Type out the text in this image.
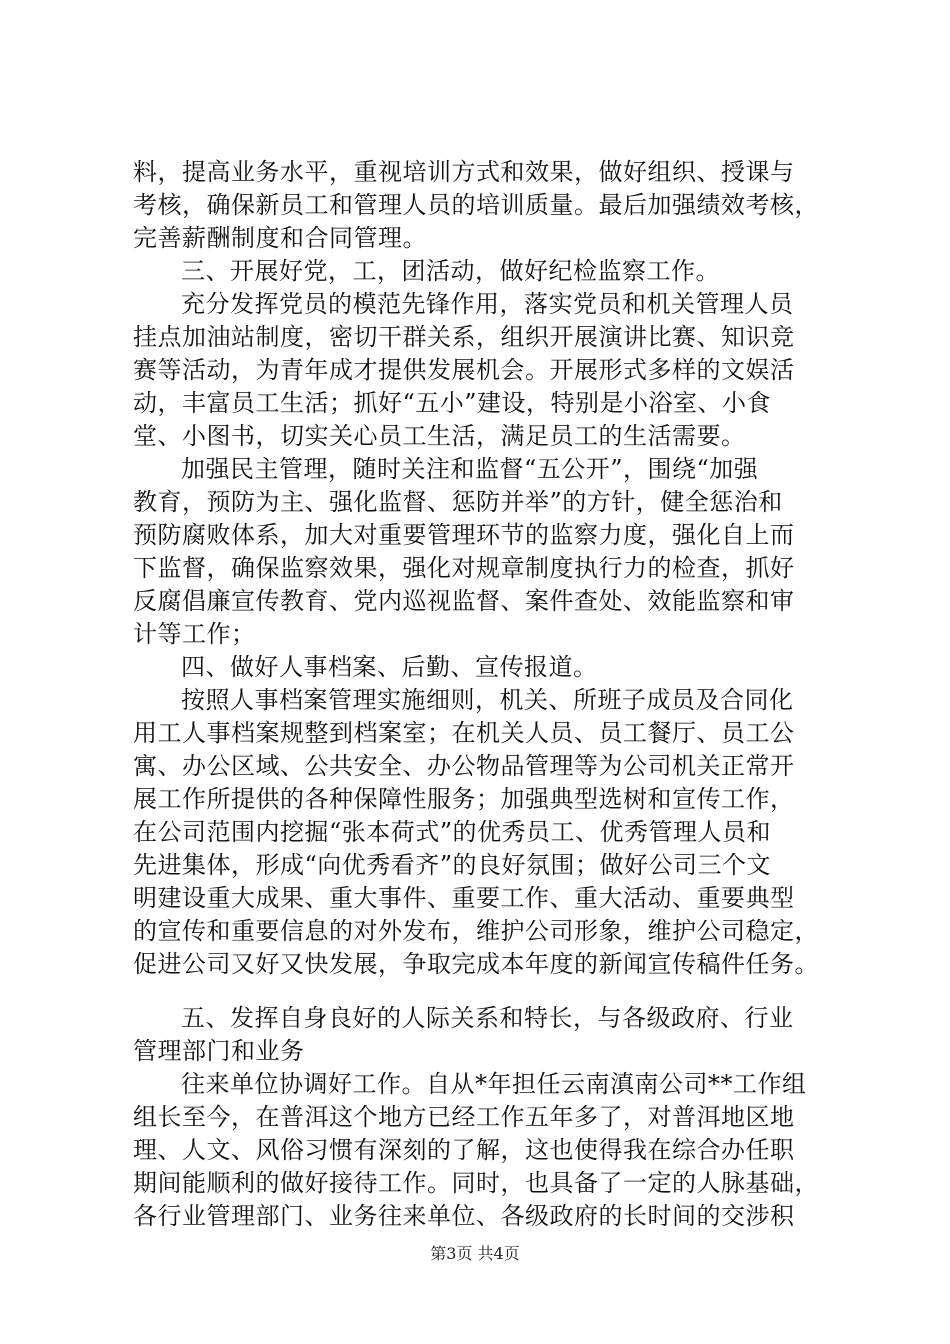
料，提高业务水平，重视培训方式和效果，做好组织、授课与
考核，确保新员工和管理人员的培训质量。最后加强绩效考核，
完善薪酬制度和合同管理。
三、开展好党，工，团活动，做好纪检监察工作。
充分发挥党员的模范先锋作用，落实党员和机关管理人员
挂点加油站制度，密切干群关系，组织开展演讲比赛、知识竞
赛等活动，为青年成才提供发展机会。开展形式多样的文娱活
动，丰富员工生活；抓好“五小”建设，特别是小浴室、小食
堂、小图书，切实关心员工生活，满足员工的生活需要。
加强民主管理，随时关注和监督“五公开”，围绕“加强
教育，预防为主、强化监督、惩防并举”的方针，健全惩治和
预防腐败体系，加大对重要管理环节的监察力度，强化自上而
下监督，确保监察效果，强化对规章制度执行力的检查，抓好
反腐倡廉宣传教育、党内巡视监督、案件查处、效能监察和审
计等工作；
四、做好人事档案、后勤、宣传报道。
按照人事档案管理实施细则，机关、所班子成员及合同化
用工人事档案规整到档案室；在机关人员、员工餐厅、员工公
寓、办公区域、公共安全、办公物品管理等为公司机关正常开
展工作所提供的各种保障性服务；加强典型选树和宣传工作，
在公司范围内挖掘“张本荷式”的优秀员工、优秀管理人员和
先进集体，形成“向优秀看齐”的良好氛围；做好公司三个文
明建设重大成果、重大事件、重要工作、重大活动、重要典型
的宣传和重要信息的对外发布，维护公司形象，维护公司稳定，
促进公司又好又快发展，争取完成本年度的新闻宣传稿件任务。
五、发挥自身良好的人际关系和特长，与各级政府、行业
管理部门和业务
往来单位协调好工作。自从*年担任云南滇南公司**工作组
组长至今，在普洱这个地方已经工作五年多了，对普洱地区地
理、人文、风俗习惯有深刻的了解，这也使得我在综合办任职
期间能顺利的做好接待工作。同时，也具备了一定的人脉基础，
各行业管理部门、业务往来单位、各级政府的长时间的交涉积
第3页 共4页
